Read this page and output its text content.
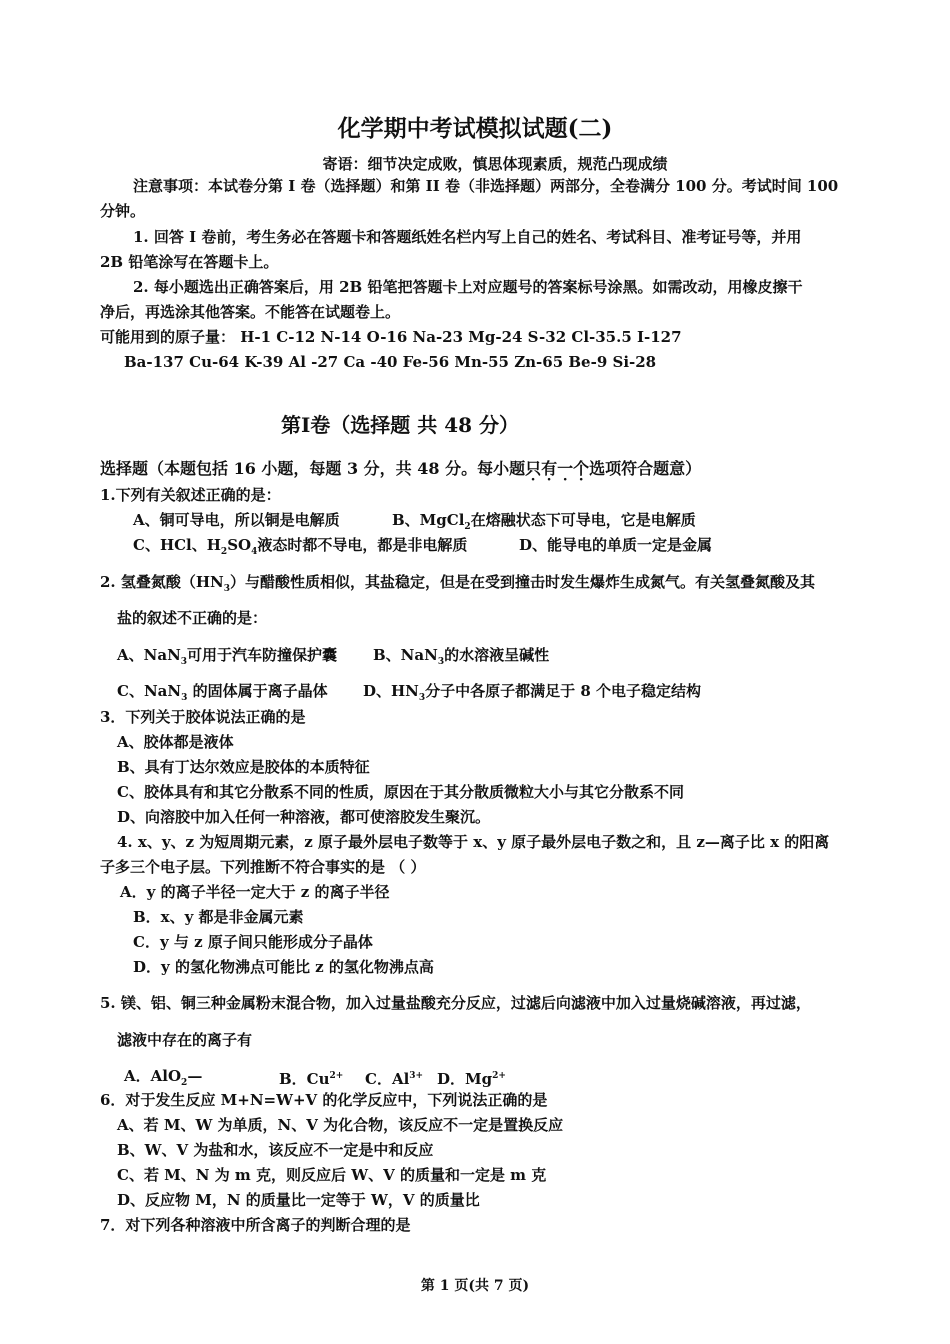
化学期中考试模拟试题(二)
寄语：细节决定成败，慎思体现素质，规范凸现成绩
注意事项：本试卷分第 I 卷（选择题）和第 II 卷（非选择题）两部分，全卷满分 100 分。考试时间 100
分钟。
1. 回答 I 卷前，考生务必在答题卡和答题纸姓名栏内写上自己的姓名、考试科目、准考证号等，并用
2B 铅笔涂写在答题卡上。
2. 每小题选出正确答案后，用 2B 铅笔把答题卡上对应题号的答案标号涂黑。如需改动，用橡皮擦干
净后，再选涂其他答案。不能答在试题卷上。
可能用到的原子量： H-1 C-12 N-14 O-16 Na-23 Mg-24 S-32 Cl-35.5 I-127
Ba-137 Cu-64 K-39 Al -27 Ca -40 Fe-56 Mn-55 Zn-65 Be-9 Si-28
第Ⅰ卷（选择题 共 48 分）
选择题（本题包括 16 小题，每题 3 分，共 48 分。每小题只有一个选项符合题意）
1.下列有关叙述正确的是：
A、铜可导电，所以铜是电解质	B、MgCl$_2$在熔融状态下可导电，它是电解质
C、HCl、$H_2SO_4$液态时都不导电，都是非电解质	D、能导电的单质一定是金属
2. 氢叠氮酸$(HN_3)$与醋酸性质相似，其盐稳定，但是在受到撞击时发生爆炸生成氮气。有关氢叠氮酸及其
盐的叙述不正确的是：
A、NaN$_3$可用于汽车防撞保护囊 B、NaN$_3$的水溶液呈碱性
C、NaN$_3$ 的固体属于离子晶体 D、$HN_3$分子中各原子都满足于 8 个电子稳定结构
3．下列关于胶体说法正确的是
A、胶体都是液体
B、具有丁达尔效应是胶体的本质特征
C、胶体具有和其它分散系不同的性质，原因在于其分散质微粒大小与其它分散系不同
D、向溶胶中加入任何一种溶液，都可使溶胶发生聚沉。
4. x、y、z 为短周期元素，z 原子最外层电子数等于 x、y 原子最外层电子数之和，且 z—离子比 x 的阳离
子多三个电子层。下列推断不符合事实的是 （ ）
A．y 的离子半径一定大于 z 的离子半径
B．x、y 都是非金属元素
C．y 与 z 原子间只能形成分子晶体
D．y 的氢化物沸点可能比 z 的氢化物沸点高
5. 镁、铝、铜三种金属粉末混合物，加入过量盐酸充分反应，过滤后向滤液中加入过量烧碱溶液，再过滤，
滤液中存在的离子有
A．AlO$_2$—	B．$Cu^{2+}$ C．$Al^{3+}$ D．$Mg^{2+}$
6．对于发生反应 M+N=W+V 的化学反应中，下列说法正确的是
A、若 M、W 为单质，N、V 为化合物，该反应不一定是置换反应
B、W、V 为盐和水，该反应不一定是中和反应
C、若 M、N 为 m 克，则反应后 W、V 的质量和一定是 m 克
D、反应物 M，N 的质量比一定等于 W，V 的质量比
7．对下列各种溶液中所含离子的判断合理的是
第 1 页(共 7 页)
